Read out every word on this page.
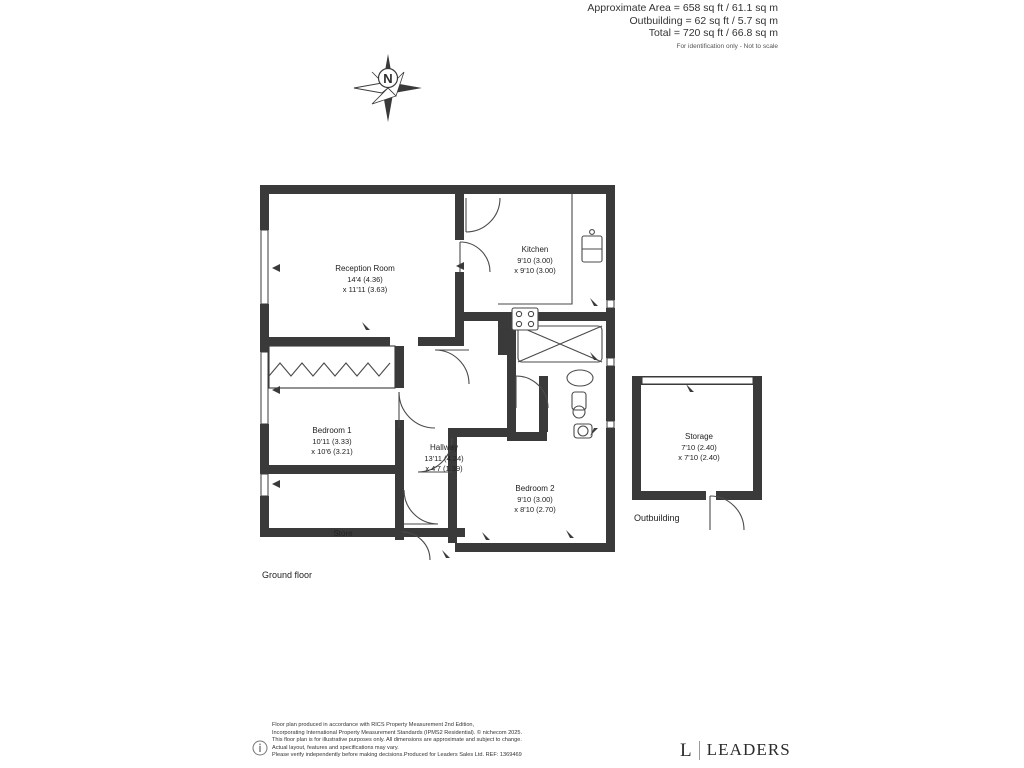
Approximate Area = 658 sq ft / 61.1 sq m
Outbuilding = 62 sq ft / 5.7 sq m
Total = 720 sq ft / 66.8 sq m
For identification only - Not to scale
N
Reception Room
14'4 (4.36)
x 11'11 (3.63)
Kitchen
9'10 (3.00)
x 9'10 (3.00)
Bedroom 1
10'11 (3.33)
x 10'6 (3.21)
Bedroom 2
9'10 (3.00)
x 8'10 (2.70)
Hallway
13'11 (4.24)
x 4'7 (1.39)
Store
Storage
7'10 (2.40)
x 7'10 (2.40)
Ground floor
Outbuilding
Floor plan produced in accordance with RICS Property Measurement 2nd Edition,
Incorporating International Property Measurement Standards (IPMS2 Residential). © nichecom 2025.
This floor plan is for illustrative purposes only. All dimensions are approximate and subject to change.
Actual layout, features and specifications may vary.
Please verify independently before making decisions.Produced for Leaders Sales Ltd. REF: 1369469	L LEADERS
